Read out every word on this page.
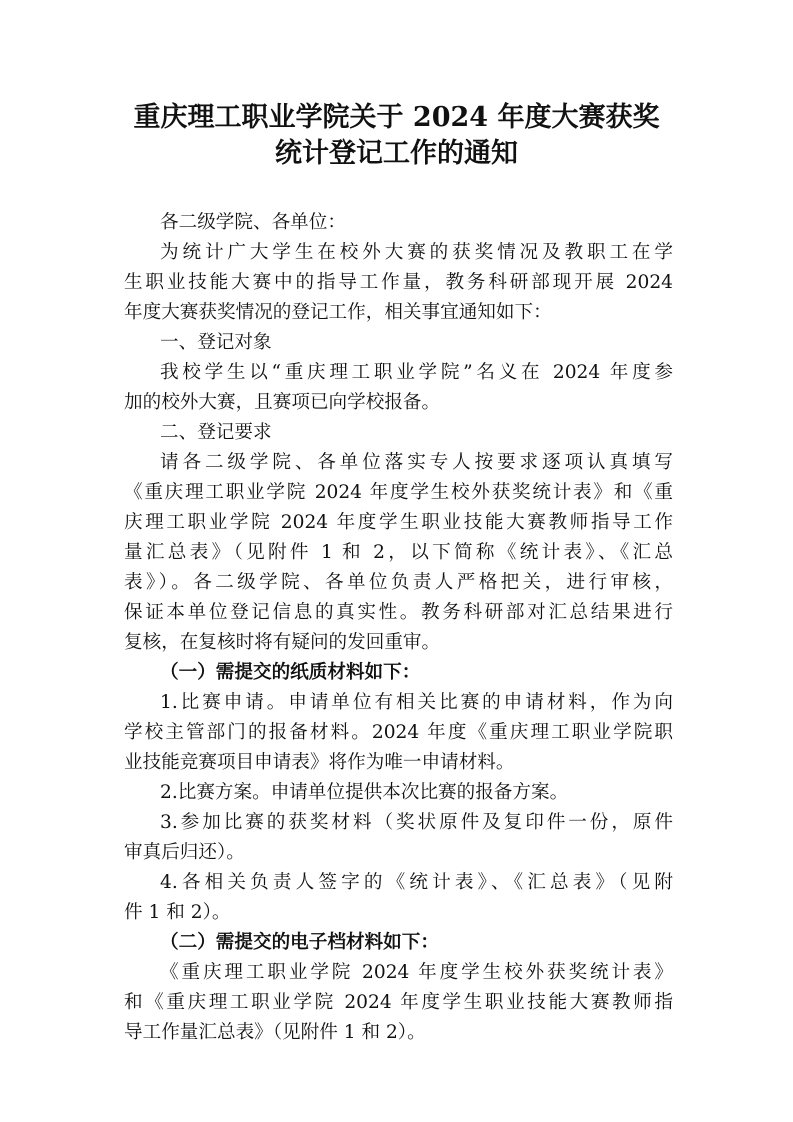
重庆理工职业学院关于 2024 年度大赛获奖
统计登记工作的通知

各二级学院、各单位：

为统计广大学生在校外大赛的获奖情况及教职工在学

生职业技能大赛中的指导工作量，教务科研部现开展 2024

年度大赛获奖情况的登记工作，相关事宜通知如下：

一、登记对象

我校学生以“重庆理工职业学院”名义在 2024 年度参

加的校外大赛，且赛项已向学校报备。

二、登记要求

请各二级学院、各单位落实专人按要求逐项认真填写

《重庆理工职业学院 2024 年度学生校外获奖统计表》和《重

庆理工职业学院 2024 年度学生职业技能大赛教师指导工作

量汇总表》（见附件 1 和 2，以下简称《统计表》、《汇总

表》）。各二级学院、各单位负责人严格把关，进行审核，

保证本单位登记信息的真实性。教务科研部对汇总结果进行

复核，在复核时将有疑问的发回重审。

（一）需提交的纸质材料如下：

1.比赛申请。申请单位有相关比赛的申请材料，作为向

学校主管部门的报备材料。2024 年度《重庆理工职业学院职

业技能竞赛项目申请表》将作为唯一申请材料。

2.比赛方案。申请单位提供本次比赛的报备方案。

3.参加比赛的获奖材料（奖状原件及复印件一份，原件

审真后归还）。

4.各相关负责人签字的《统计表》、《汇总表》（见附

件 1 和 2）。

（二）需提交的电子档材料如下：

《重庆理工职业学院 2024 年度学生校外获奖统计表》

和《重庆理工职业学院 2024 年度学生职业技能大赛教师指

导工作量汇总表》（见附件 1 和 2）。
